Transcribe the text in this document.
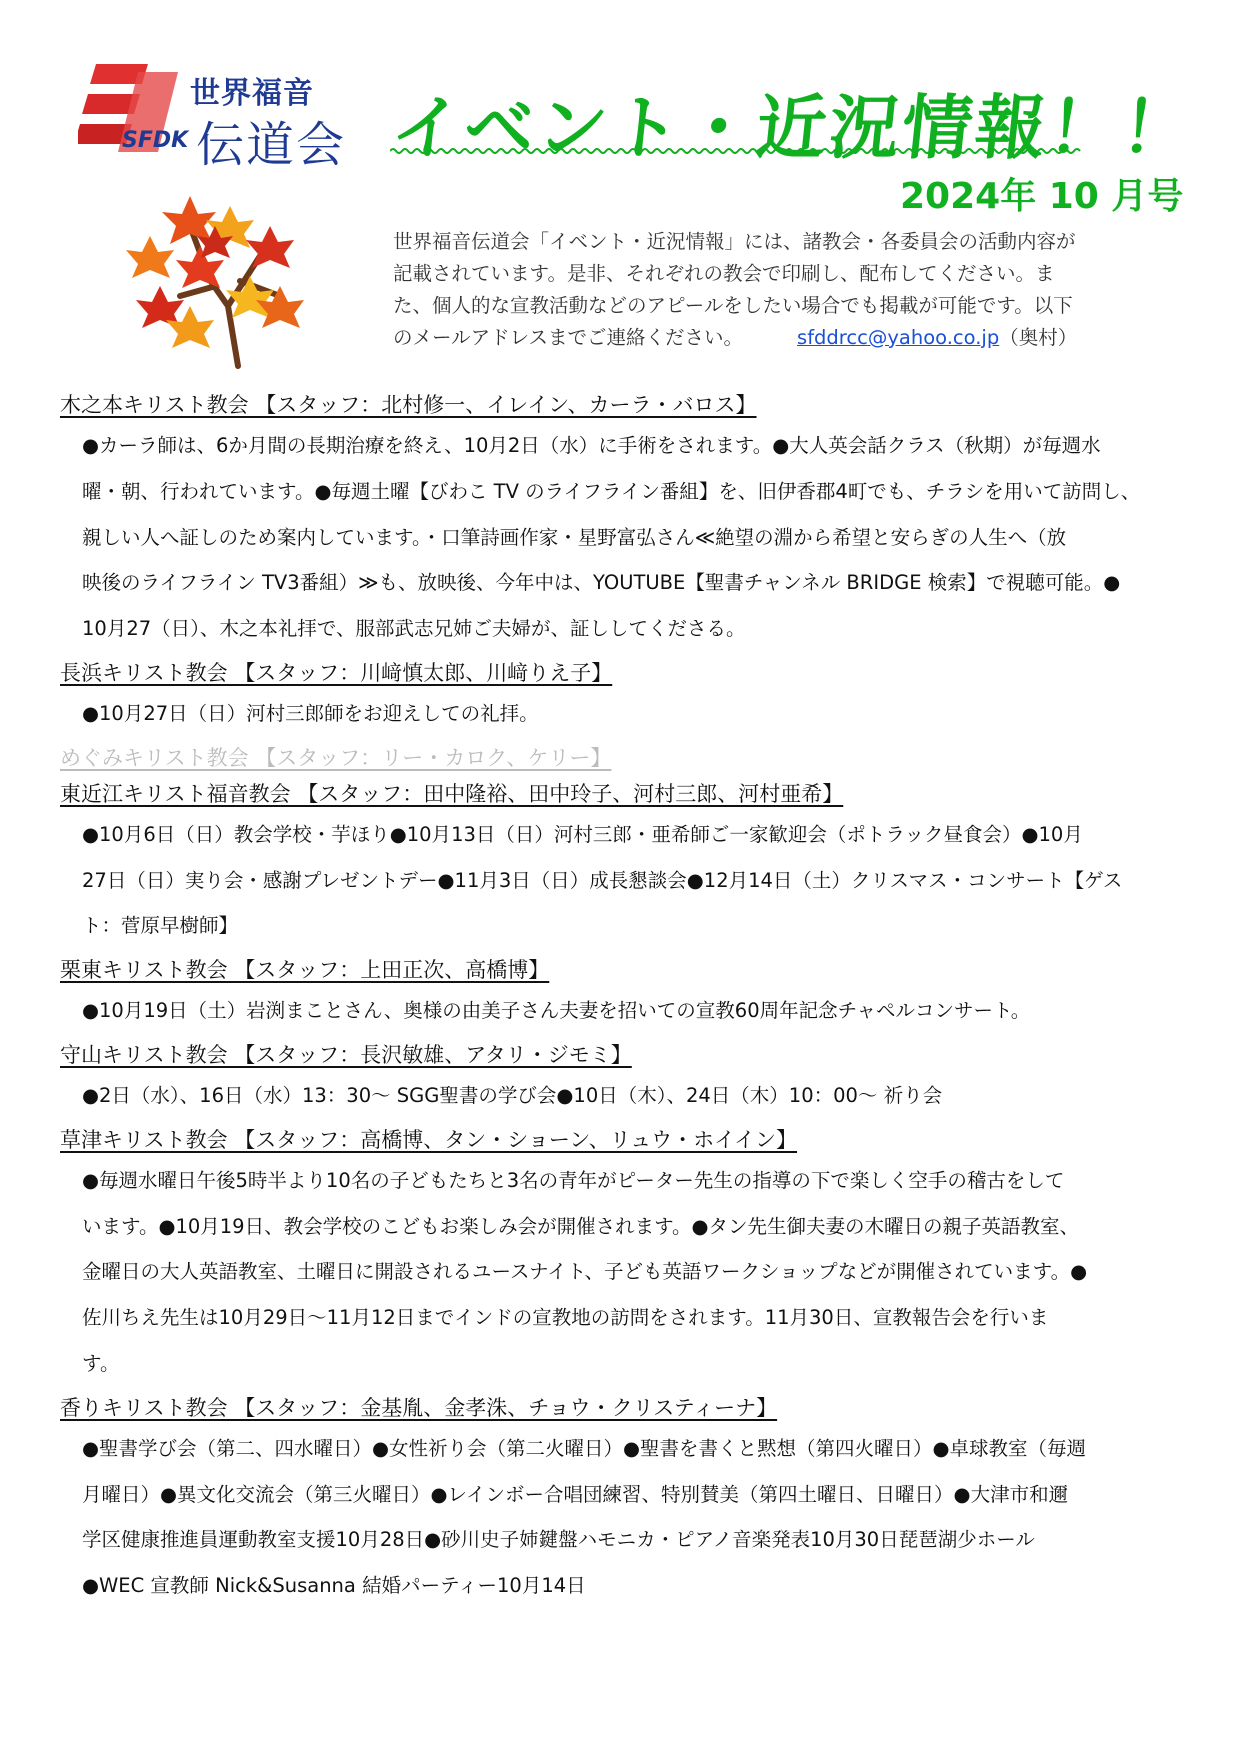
世界福音
伝道会
SFDK	イベント・近況情報！！
2024年 10 月号
世界福音伝道会「イベント・近況情報」には、諸教会・各委員会の活動内容が
記載されています。是非、それぞれの教会で印刷し、配布してください。ま
た、個人的な宣教活動などのアピールをしたい場合でも掲載が可能です。以下
のメールアドレスまでご連絡ください。	sfddrcc@yahoo.co.jp（奥村）
木之本キリスト教会 【スタッフ：北村修一、イレイン、カーラ・バロス】
●カーラ師は、6か月間の長期治療を終え、10月2日（水）に手術をされます。●大人英会話クラス（秋期）が毎週水
曜・朝、行われています。●毎週土曜【びわこ TV のライフライン番組】を、旧伊香郡4町でも、チラシを用いて訪問し、
親しい人へ証しのため案内しています。・口筆詩画作家・星野富弘さん≪絶望の淵から希望と安らぎの人生へ（放
映後のライフライン TV3番組）≫も、放映後、今年中は、YOUTUBE【聖書チャンネル BRIDGE 検索】で視聴可能。●
10月27（日）、木之本礼拝で、服部武志兄姉ご夫婦が、証ししてくださる。
長浜キリスト教会 【スタッフ：川﨑慎太郎、川﨑りえ子】
●10月27日（日）河村三郎師をお迎えしての礼拝。
めぐみキリスト教会 【スタッフ：リー・カロク、ケリー】
東近江キリスト福音教会 【スタッフ：田中隆裕、田中玲子、河村三郎、河村亜希】
●10月6日（日）教会学校・芋ほり●10月13日（日）河村三郎・亜希師ご一家歓迎会（ポトラック昼食会）●10月
27日（日）実り会・感謝プレゼントデー●11月3日（日）成長懇談会●12月14日（土）クリスマス・コンサート【ゲス
ト：菅原早樹師】
栗東キリスト教会 【スタッフ：上田正次、高橋博】
●10月19日（土）岩渕まことさん、奥様の由美子さん夫妻を招いての宣教60周年記念チャペルコンサート。
守山キリスト教会 【スタッフ：長沢敏雄、アタリ・ジモミ】
●2日（水）、16日（水）13：30～ SGG聖書の学び会●10日（木）、24日（木）10：00～ 祈り会
草津キリスト教会 【スタッフ：高橋博、タン・ショーン、リュウ・ホイイン】
●毎週水曜日午後5時半より10名の子どもたちと3名の青年がピーター先生の指導の下で楽しく空手の稽古をして
います。●10月19日、教会学校のこどもお楽しみ会が開催されます。●タン先生御夫妻の木曜日の親子英語教室、
金曜日の大人英語教室、土曜日に開設されるユースナイト、子ども英語ワークショップなどが開催されています。●
佐川ちえ先生は10月29日～11月12日までインドの宣教地の訪問をされます。11月30日、宣教報告会を行いま
す。
香りキリスト教会 【スタッフ：金基胤、金孝洙、チョウ・クリスティーナ】
●聖書学び会（第二、四水曜日）●女性祈り会（第二火曜日）●聖書を書くと黙想（第四火曜日）●卓球教室（毎週
月曜日）●異文化交流会（第三火曜日）●レインボー合唱団練習、特別賛美（第四土曜日、日曜日）●大津市和邇
学区健康推進員運動教室支援10月28日●砂川史子姉鍵盤ハモニカ・ピアノ音楽発表10月30日琵琶湖少ホール
●WEC 宣教師 Nick&Susanna 結婚パーティー10月14日
